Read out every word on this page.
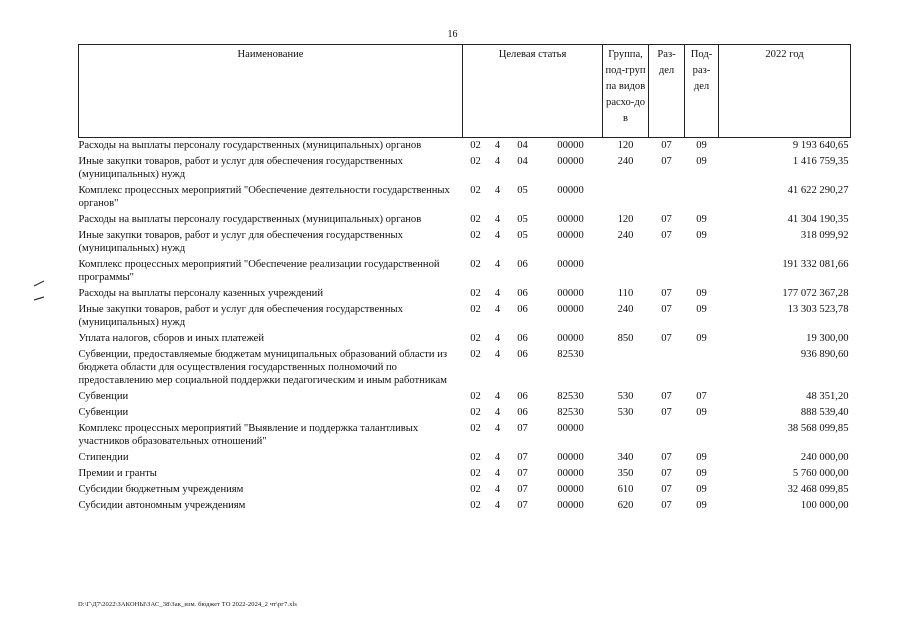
16
Наименование	Целевая статья				Группа, под-группа видов расхо-дов	Раз-дел	Под-раз-дел	2022 год
Расходы на выплаты персоналу государственных (муниципальных) органов	02	4	04	00000	120	07	09	9 193 640,65
Иные закупки товаров, работ и услуг для обеспечения государственных (муниципальных) нужд	02	4	04	00000	240	07	09	1 416 759,35
Комплекс процессных мероприятий "Обеспечение деятельности государственных органов"	02	4	05	00000				41 622 290,27
Расходы на выплаты персоналу государственных (муниципальных) органов	02	4	05	00000	120	07	09	41 304 190,35
Иные закупки товаров, работ и услуг для обеспечения государственных (муниципальных) нужд	02	4	05	00000	240	07	09	318 099,92
Комплекс процессных мероприятий "Обеспечение реализации государственной программы"	02	4	06	00000				191 332 081,66
Расходы на выплаты персоналу казенных учреждений	02	4	06	00000	110	07	09	177 072 367,28
Иные закупки товаров, работ и услуг для обеспечения государственных (муниципальных) нужд	02	4	06	00000	240	07	09	13 303 523,78
Уплата налогов, сборов и иных платежей	02	4	06	00000	850	07	09	19 300,00
Субвенции, предоставляемые бюджетам муниципальных образований области из бюджета области для осуществления государственных полномочий по предоставлению мер социальной поддержки педагогическим и иным работникам	02	4	06	82530				936 890,60
Субвенции	02	4	06	82530	530	07	07	48 351,20
Субвенции	02	4	06	82530	530	07	09	888 539,40
Комплекс процессных мероприятий "Выявление и поддержка талантливых участников образовательных отношений"	02	4	07	00000				38 568 099,85
Стипендии	02	4	07	00000	340	07	09	240 000,00
Премии и гранты	02	4	07	00000	350	07	09	5 760 000,00
Субсидии бюджетным учреждениям	02	4	07	00000	610	07	09	32 468 099,85
Субсидии автономным учреждениям	02	4	07	00000	620	07	09	100 000,00
D:\Г\Д7\2022\ЗАКОНЫ\ЗАС_38\Зак_изм. бюджет ТО 2022-2024_2 чт\рг7.xls
